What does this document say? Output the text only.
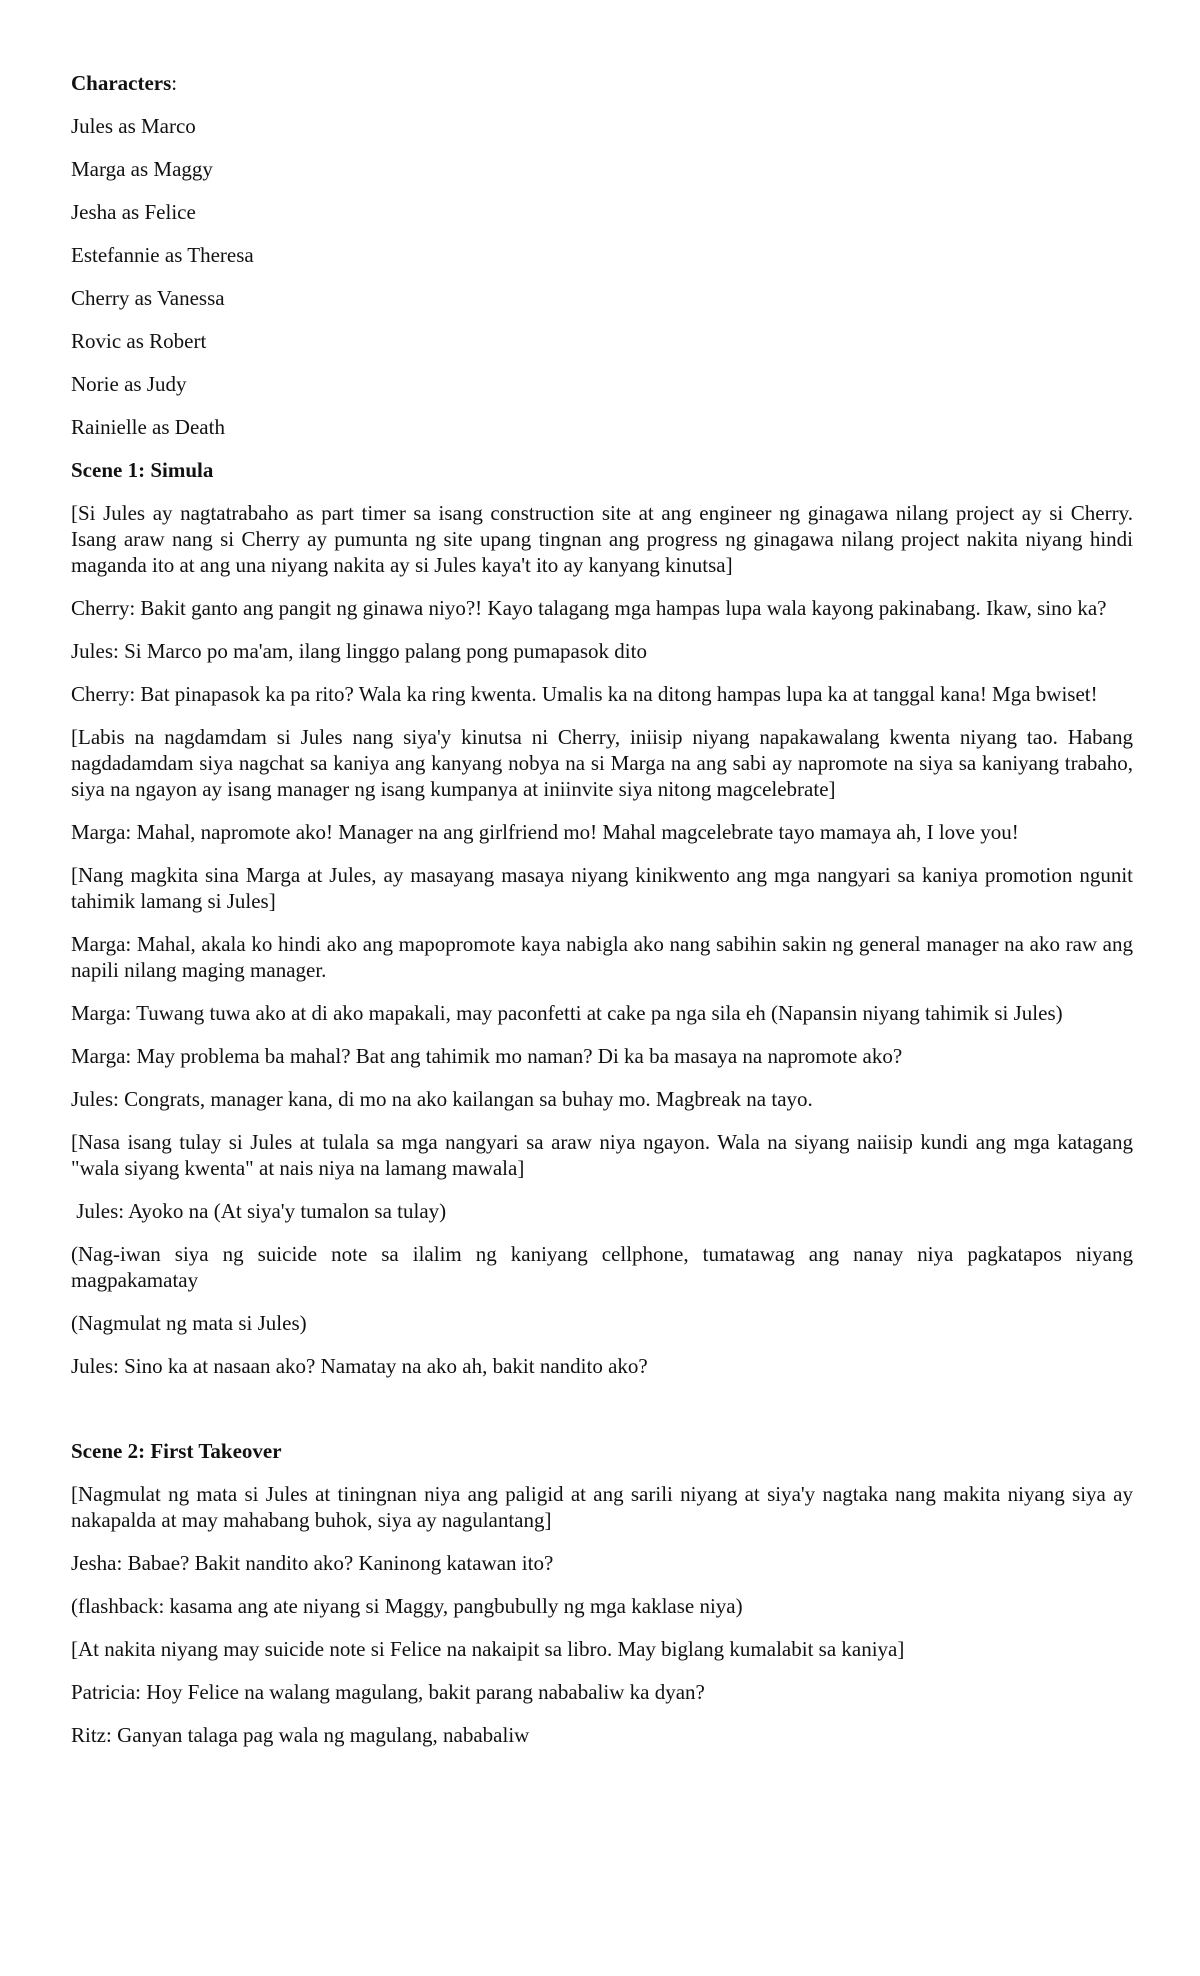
Characters:

Jules as Marco

Marga as Maggy

Jesha as Felice

Estefannie as Theresa

Cherry as Vanessa

Rovic as Robert

Norie as Judy

Rainielle as Death

Scene 1: Simula

[Si Jules ay nagtatrabaho as part timer sa isang construction site at ang engineer ng ginagawa nilang project ay si Cherry. Isang araw nang si Cherry ay pumunta ng site upang tingnan ang progress ng ginagawa nilang project nakita niyang hindi maganda ito at ang una niyang nakita ay si Jules kaya't ito ay kanyang kinutsa]

Cherry: Bakit ganto ang pangit ng ginawa niyo?! Kayo talagang mga hampas lupa wala kayong pakinabang. Ikaw, sino ka?

Jules: Si Marco po ma'am, ilang linggo palang pong pumapasok dito

Cherry: Bat pinapasok ka pa rito? Wala ka ring kwenta. Umalis ka na ditong hampas lupa ka at tanggal kana! Mga bwiset!

[Labis na nagdamdam si Jules nang siya'y kinutsa ni Cherry, iniisip niyang napakawalang kwenta niyang tao. Habang nagdadamdam siya nagchat sa kaniya ang kanyang nobya na si Marga na ang sabi ay napromote na siya sa kaniyang trabaho, siya na ngayon ay isang manager ng isang kumpanya at iniinvite siya nitong magcelebrate]

Marga: Mahal, napromote ako! Manager na ang girlfriend mo! Mahal magcelebrate tayo mamaya ah, I love you!

[Nang magkita sina Marga at Jules, ay masayang masaya niyang kinikwento ang mga nangyari sa kaniya promotion ngunit tahimik lamang si Jules]

Marga: Mahal, akala ko hindi ako ang mapopromote kaya nabigla ako nang sabihin sakin ng general manager na ako raw ang napili nilang maging manager.

Marga: Tuwang tuwa ako at di ako mapakali, may paconfetti at cake pa nga sila eh (Napansin niyang tahimik si Jules)

Marga: May problema ba mahal? Bat ang tahimik mo naman? Di ka ba masaya na napromote ako?

Jules: Congrats, manager kana, di mo na ako kailangan sa buhay mo. Magbreak na tayo.

[Nasa isang tulay si Jules at tulala sa mga nangyari sa araw niya ngayon. Wala na siyang naiisip kundi ang mga katagang "wala siyang kwenta" at nais niya na lamang mawala]

Jules: Ayoko na (At siya'y tumalon sa tulay)

(Nag-iwan siya ng suicide note sa ilalim ng kaniyang cellphone, tumatawag ang nanay niya pagkatapos niyang magpakamatay

(Nagmulat ng mata si Jules)

Jules: Sino ka at nasaan ako? Namatay na ako ah, bakit nandito ako?

Scene 2: First Takeover

[Nagmulat ng mata si Jules at tiningnan niya ang paligid at ang sarili niyang at siya'y nagtaka nang makita niyang siya ay nakapalda at may mahabang buhok, siya ay nagulantang]

Jesha: Babae? Bakit nandito ako? Kaninong katawan ito?

(flashback: kasama ang ate niyang si Maggy, pangbubully ng mga kaklase niya)

[At nakita niyang may suicide note si Felice na nakaipit sa libro. May biglang kumalabit sa kaniya]

Patricia: Hoy Felice na walang magulang, bakit parang nababaliw ka dyan?

Ritz: Ganyan talaga pag wala ng magulang, nababaliw
